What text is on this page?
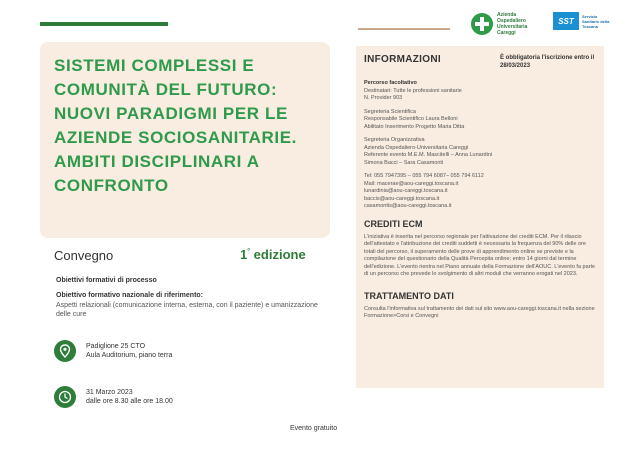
Azienda Ospedaliero Universitaria Careggi
SST
Servizio Sanitario della Toscana
SISTEMI COMPLESSI E COMUNITÀ DEL FUTURO: NUOVI PARADIGMI PER LE AZIENDE SOCIOSANITARIE. AMBITI DISCIPLINARI A CONFRONTO
Convegno	1° edizione
Obiettivi formativi di processo
Obiettivo formativo nazionale di riferimento:
Aspetti relazionali (comunicazione interna, esterna, con il paziente) e umanizzazione delle cure
Padiglione 25 CTO
Aula Auditorium, piano terra
31 Marzo 2023
dalle ore 8.30 alle ore 18.00
Evento gratuito
INFORMAZIONI	È obbligatoria l'iscrizione entro il 28/03/2023
Percorso facoltativo
Destinatari: Tutte le professioni sanitarie
N. Provider 903
Segreteria Scientifica
Responsabile Scientifico Laura Belloni
Abilitato Inserimento Progetto Maria Ditta
Segreteria Organizzativa
Azienda Ospedaliero-Universitaria Careggi
Referente evento M.E.M. Mascitelli – Anna Lunardini
Simona Bacci – Sara Casamonti
Tel: 055 7947395 – 055 794 6087– 055 794 6112
Mail: macerae@aou-careggi.toscana.it
lunardinia@aou-careggi.toscana.it
baccis@aou-careggi.toscana.it
casamontis@aou-careggi.toscana.it
CREDITI ECM
L'iniziativa è inserita nel percorso regionale per l'attivazione dei crediti ECM. Per il rilascio dell'attestato e l'attribuzione dei crediti suddetti è necessaria la frequenza del 90% delle ore totali del percorso, il superamento delle prove di apprendimento online se previste e la compilazione del questionario della Qualità Percepita online; entro 14 giorni dal termine dell'edizione. L'evento rientra nel Piano annuale della Formazione dell'AOUC. L'evento fa parte di un percorso che prevede lo svolgimento di altri moduli che verranno erogati nel 2023.
TRATTAMENTO DATI
Consulta l'informativa sul trattamento dei dati sul sito www.aou-careggi.toscana.it nella sezione Formazione>Corsi e Convegni
